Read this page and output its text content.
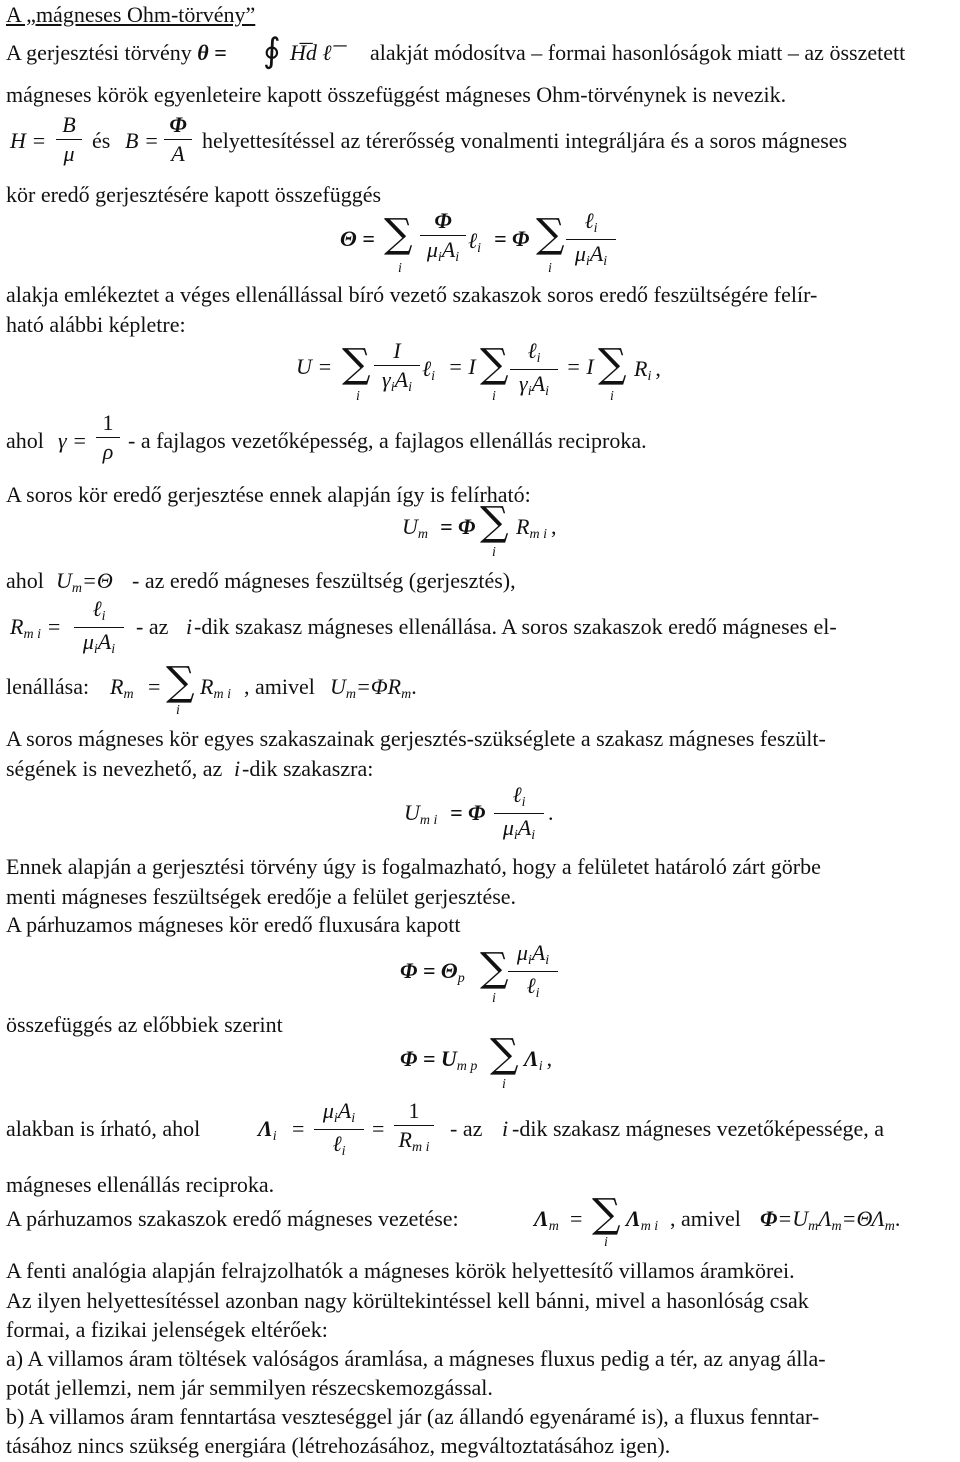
A „mágneses Ohm-törvény”
A gerjesztési törvény θ = ∮ H͞d ℓ͞ alakját módosítva – formai hasonlóságok miatt – az összetett
mágneses körök egyenleteire kapott összefüggést mágneses Ohm-törvénynek is nevezik.
H =
B
μ
és B =
Φ
A
helyettesítéssel az térerősség vonalmenti integráljára és a soros mágneses
kör eredő gerjesztésére kapott összefüggés
Θ = ∑
i
Φ
$\mu_iA_i$
ℓ$_i$ = Φ ∑
i
ℓ$_i$
$\mu_iA_i$
alakja emlékeztet a véges ellenállással bíró vezető szakaszok soros eredő feszültségére felír-
ható alábbi képletre:
U = ∑
i
I
$\gamma_iA_i$
ℓ$_i$ = I ∑
i
ℓ$_i$
$\gamma_iA_i$
= I ∑
i
$R_i$ ,
ahol γ =
1
ρ - a fajlagos vezetőképesség, a fajlagos ellenállás reciproka.
A soros kör eredő gerjesztése ennek alapján így is felírható:
$U_m = \Phi$ ∑
i
$R_{m i}$ ,
ahol $U_m=\Theta$ - az eredő mágneses feszültség (gerjesztés),
$R_{m i}$ =
ℓ$_i$
$\mu_iA_i$
- az i -dik szakasz mágneses ellenállása. A soros szakaszok eredő mágneses el-
lenállása: $R_m$ = ∑
i
$R_{m i}$ , amivel $U_m=\Phi R_m$.
A soros mágneses kör egyes szakaszainak gerjesztés-szükséglete a szakasz mágneses feszült-
ségének is nevezhető, az i -dik szakaszra:
$U_{m i} = \Phi$
ℓ$_i$
$\mu_iA_i$
.
Ennek alapján a gerjesztési törvény úgy is fogalmazható, hogy a felületet határoló zárt görbe
menti mágneses feszültségek eredője a felület gerjesztése.
A párhuzamos mágneses kör eredő fluxusára kapott
$\Phi = \Theta_p$ ∑
i
$\mu_iA_i$
ℓ$_i$
összefüggés az előbbiek szerint
$\Phi = U_{m p}$ ∑
i
$\Lambda_i$ ,
alakban is írható, ahol	$\Lambda_i$ =
$\mu_iA_i$
ℓ$_i$
=
1
$R_{m i}$
- az i -dik szakasz mágneses vezetőképessége, a
mágneses ellenállás reciproka.
A párhuzamos szakaszok eredő mágneses vezetése:	$\Lambda_m$ = ∑
i
$\Lambda_{m i}$ , amivel $\Phi=U_m\Lambda_m=\Theta\Lambda_m$.
A fenti analógia alapján felrajzolhatók a mágneses körök helyettesítő villamos áramkörei.
Az ilyen helyettesítéssel azonban nagy körültekintéssel kell bánni, mivel a hasonlóság csak
formai, a fizikai jelenségek eltérőek:
a) A villamos áram töltések valóságos áramlása, a mágneses fluxus pedig a tér, az anyag álla-
potát jellemzi, nem jár semmilyen részecskemozgással.
b) A villamos áram fenntartása veszteséggel jár (az állandó egyenáramé is), a fluxus fenntar-
tásához nincs szükség energiára (létrehozásához, megváltoztatásához igen).
